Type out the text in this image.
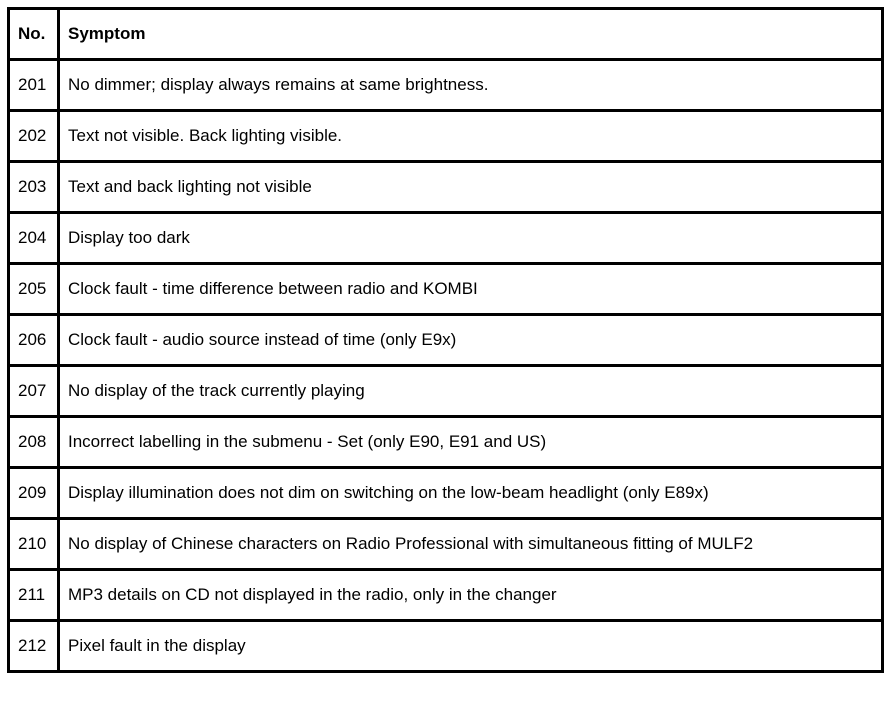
No.	Symptom
201	No dimmer; display always remains at same brightness.
202	Text not visible. Back lighting visible.
203	Text and back lighting not visible
204	Display too dark
205	Clock fault - time difference between radio and KOMBI
206	Clock fault - audio source instead of time (only E9x)
207	No display of the track currently playing
208	Incorrect labelling in the submenu - Set (only E90, E91 and US)
209	Display illumination does not dim on switching on the low-beam headlight (only E89x)
210	No display of Chinese characters on Radio Professional with simultaneous fitting of MULF2
211	MP3 details on CD not displayed in the radio, only in the changer
212	Pixel fault in the display
